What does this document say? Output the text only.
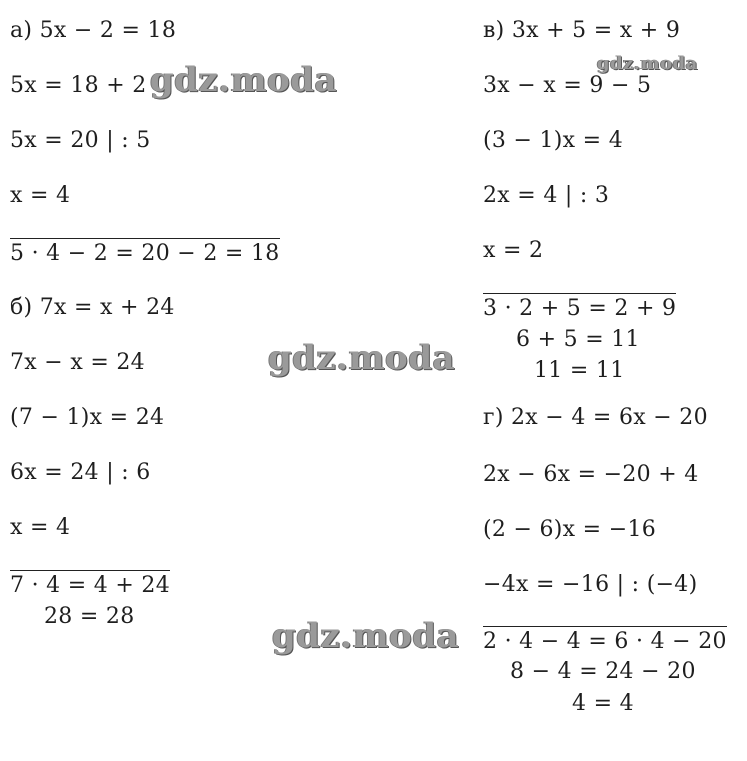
а) 5x − 2 = 18
5x = 18 + 2
5x = 20 | : 5
x = 4
5 · 4 − 2 = 20 − 2 = 18
б) 7x = x + 24
7x − x = 24
(7 − 1)x = 24
6x = 24 | : 6
x = 4
7 · 4 = 4 + 24
28 = 28
в) 3x + 5 = x + 9
3x − x = 9 − 5
(3 − 1)x = 4
2x = 4 | : 3
x = 2
3 · 2 + 5 = 2 + 9
6 + 5 = 11
11 = 11
г) 2x − 4 = 6x − 20
2x − 6x = −20 + 4
(2 − 6)x = −16
−4x = −16 | : (−4)
2 · 4 − 4 = 6 · 4 − 20
8 − 4 = 24 − 20
4 = 4
gdz.moda	gdz.moda
gdz.moda
gdz.moda
